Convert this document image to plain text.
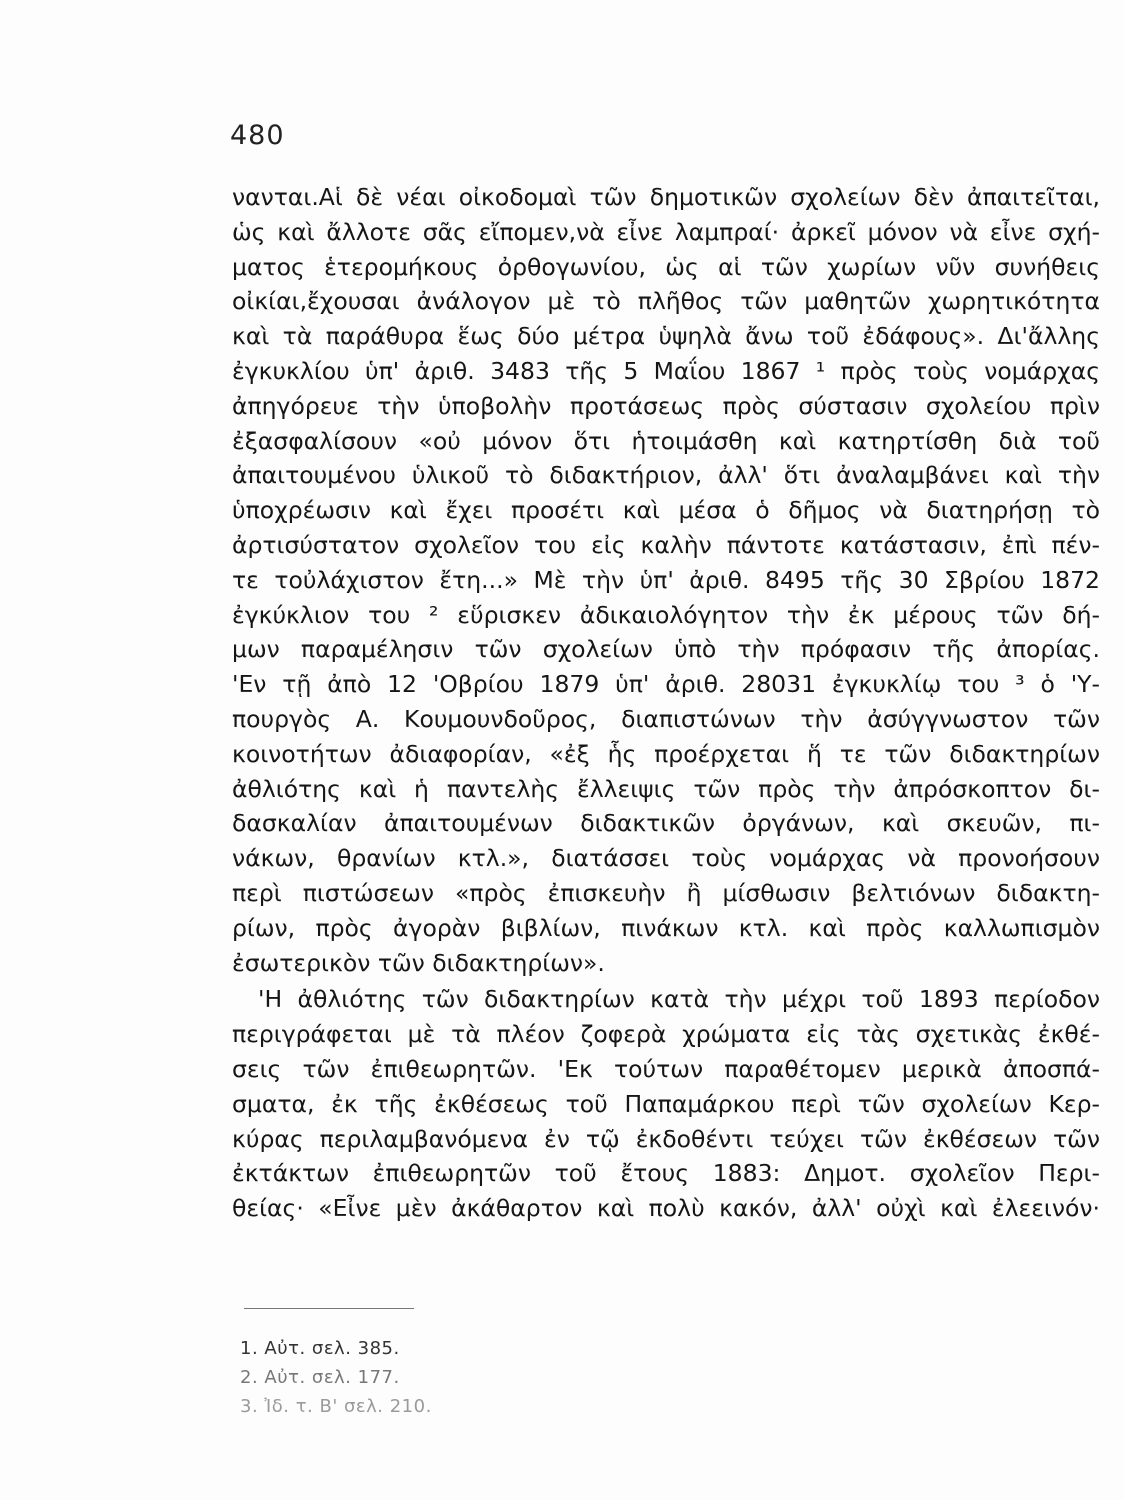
480
νανται.Αἱ δὲ νέαι οἰκοδομαὶ τῶν δημοτικῶν σχολείων δὲν ἀπαιτεῖται,
ὡς καὶ ἄλλοτε σᾶς εἴπομεν,νὰ εἶνε λαμπραί· ἀρκεῖ μόνον νὰ εἶνε σχή-
ματος ἑτερομήκους ὀρθογωνίου, ὡς αἱ τῶν χωρίων νῦν συνήθεις
οἰκίαι,ἔχουσαι ἀνάλογον μὲ τὸ πλῆθος τῶν μαθητῶν χωρητικότητα
καὶ τὰ παράθυρα ἕως δύο μέτρα ὑψηλὰ ἄνω τοῦ ἐδάφους». Δι'ἄλλης
ἐγκυκλίου ὑπ' ἀριθ. 3483 τῆς 5 Μαΐου 1867 ¹ πρὸς τοὺς νομάρχας
ἀπηγόρευε τὴν ὑποβολὴν προτάσεως πρὸς σύστασιν σχολείου πρὶν
ἐξασφαλίσουν «οὐ μόνον ὅτι ἡτοιμάσθη καὶ κατηρτίσθη διὰ τοῦ
ἀπαιτουμένου ὑλικοῦ τὸ διδακτήριον, ἀλλ' ὅτι ἀναλαμβάνει καὶ τὴν
ὑποχρέωσιν καὶ ἔχει προσέτι καὶ μέσα ὁ δῆμος νὰ διατηρήσῃ τὸ
ἀρτισύστατον σχολεῖον του εἰς καλὴν πάντοτε κατάστασιν, ἐπὶ πέν-
τε τοὐλάχιστον ἔτη...» Μὲ τὴν ὑπ' ἀριθ. 8495 τῆς 30 Σβρίου 1872
ἐγκύκλιον του ² εὕρισκεν ἀδικαιολόγητον τὴν ἐκ μέρους τῶν δή-
μων παραμέλησιν τῶν σχολείων ὑπὸ τὴν πρόφασιν τῆς ἀπορίας.
'Εν τῇ ἀπὸ 12 'Οβρίου 1879 ὑπ' ἀριθ. 28031 ἐγκυκλίῳ του ³ ὁ 'Υ-
πουργὸς Α. Κουμουνδοῦρος, διαπιστώνων τὴν ἀσύγγνωστον τῶν
κοινοτήτων ἀδιαφορίαν, «ἐξ ἧς προέρχεται ἥ τε τῶν διδακτηρίων
ἀθλιότης καὶ ἡ παντελὴς ἔλλειψις τῶν πρὸς τὴν ἀπρόσκοπτον δι-
δασκαλίαν ἀπαιτουμένων διδακτικῶν ὀργάνων, καὶ σκευῶν, πι-
νάκων, θρανίων κτλ.», διατάσσει τοὺς νομάρχας νὰ προνοήσουν
περὶ πιστώσεων «πρὸς ἐπισκευὴν ἢ μίσθωσιν βελτιόνων διδακτη-
ρίων, πρὸς ἀγορὰν βιβλίων, πινάκων κτλ. καὶ πρὸς καλλωπισμὸν
ἐσωτερικὸν τῶν διδακτηρίων».
'Η ἀθλιότης τῶν διδακτηρίων κατὰ τὴν μέχρι τοῦ 1893 περίοδον
περιγράφεται μὲ τὰ πλέον ζοφερὰ χρώματα εἰς τὰς σχετικὰς ἐκθέ-
σεις τῶν ἐπιθεωρητῶν. 'Εκ τούτων παραθέτομεν μερικὰ ἀποσπά-
σματα, ἐκ τῆς ἐκθέσεως τοῦ Παπαμάρκου περὶ τῶν σχολείων Κερ-
κύρας περιλαμβανόμενα ἐν τῷ ἐκδοθέντι τεύχει τῶν ἐκθέσεων τῶν
ἐκτάκτων ἐπιθεωρητῶν τοῦ ἔτους 1883: Δημοτ. σχολεῖον Περι-
θείας· «Εἶνε μὲν ἀκάθαρτον καὶ πολὺ κακόν, ἀλλ' οὐχὶ καὶ ἐλεεινόν·
1. Αὐτ. σελ. 385.
2. Αὐτ. σελ. 177.
3. Ἰδ. τ. Β' σελ. 210.
